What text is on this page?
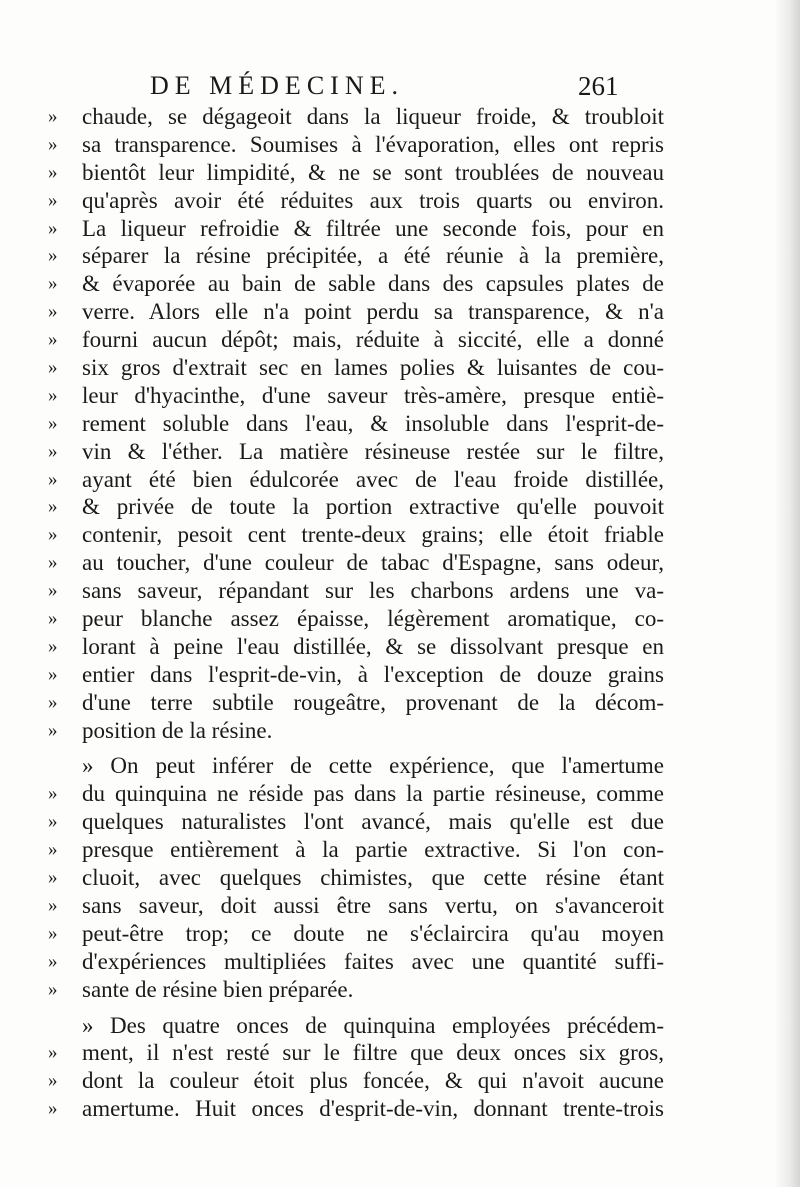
DE MÉDECINE.	261
» chaude, se dégageoit dans la liqueur froide, & troubloit
» sa transparence. Soumises à l'évaporation, elles ont repris
» bientôt leur limpidité, & ne se sont troublées de nouveau
» qu'après avoir été réduites aux trois quarts ou environ.
» La liqueur refroidie & filtrée une seconde fois, pour en
» séparer la résine précipitée, a été réunie à la première,
» & évaporée au bain de sable dans des capsules plates de
» verre. Alors elle n'a point perdu sa transparence, & n'a
» fourni aucun dépôt; mais, réduite à siccité, elle a donné
» six gros d'extrait sec en lames polies & luisantes de cou-
» leur d'hyacinthe, d'une saveur très-amère, presque entiè-
» rement soluble dans l'eau, & insoluble dans l'esprit-de-
» vin & l'éther. La matière résineuse restée sur le filtre,
» ayant été bien édulcorée avec de l'eau froide distillée,
» & privée de toute la portion extractive qu'elle pouvoit
» contenir, pesoit cent trente-deux grains; elle étoit friable
» au toucher, d'une couleur de tabac d'Espagne, sans odeur,
» sans saveur, répandant sur les charbons ardens une va-
» peur blanche assez épaisse, légèrement aromatique, co-
» lorant à peine l'eau distillée, & se dissolvant presque en
» entier dans l'esprit-de-vin, à l'exception de douze grains
» d'une terre subtile rougeâtre, provenant de la décom-
» position de la résine.
» On peut inférer de cette expérience, que l'amertume
» du quinquina ne réside pas dans la partie résineuse, comme
» quelques naturalistes l'ont avancé, mais qu'elle est due
» presque entièrement à la partie extractive. Si l'on con-
» cluoit, avec quelques chimistes, que cette résine étant
» sans saveur, doit aussi être sans vertu, on s'avanceroit
» peut-être trop; ce doute ne s'éclaircira qu'au moyen
» d'expériences multipliées faites avec une quantité suffi-
» sante de résine bien préparée.
» Des quatre onces de quinquina employées précédem-
» ment, il n'est resté sur le filtre que deux onces six gros,
» dont la couleur étoit plus foncée, & qui n'avoit aucune
» amertume. Huit onces d'esprit-de-vin, donnant trente-trois
